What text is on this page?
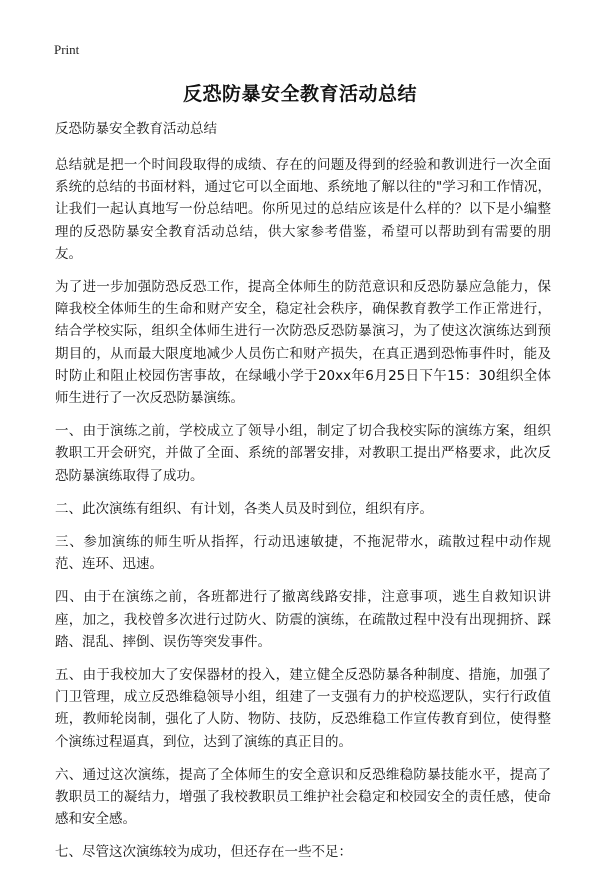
Print
反恐防暴安全教育活动总结

反恐防暴安全教育活动总结

总结就是把一个时间段取得的成绩、存在的问题及得到的经验和教训进行一次全面系统的总结的书面材料，通过它可以全面地、系统地了解以往的"学习和工作情况，让我们一起认真地写一份总结吧。你所见过的总结应该是什么样的？以下是小编整理的反恐防暴安全教育活动总结，供大家参考借鉴，希望可以帮助到有需要的朋友。

为了进一步加强防恐反恐工作，提高全体师生的防范意识和反恐防暴应急能力，保障我校全体师生的生命和财产安全，稳定社会秩序，确保教育教学工作正常进行，结合学校实际，组织全体师生进行一次防恐反恐防暴演习，为了使这次演练达到预期目的，从而最大限度地减少人员伤亡和财产损失，在真正遇到恐怖事件时，能及时防止和阻止校园伤害事故，在绿峨小学于20xx年6月25日下午15：30组织全体师生进行了一次反恐防暴演练。

一、由于演练之前，学校成立了领导小组，制定了切合我校实际的演练方案，组织教职工开会研究，并做了全面、系统的部署安排，对教职工提出严格要求，此次反恐防暴演练取得了成功。

二、此次演练有组织、有计划，各类人员及时到位，组织有序。

三、参加演练的师生听从指挥，行动迅速敏捷，不拖泥带水，疏散过程中动作规范、连环、迅速。

四、由于在演练之前，各班都进行了撤离线路安排，注意事项，逃生自救知识讲座，加之，我校曾多次进行过防火、防震的演练，在疏散过程中没有出现拥挤、踩踏、混乱、摔倒、误伤等突发事件。

五、由于我校加大了安保器材的投入，建立健全反恐防暴各种制度、措施，加强了门卫管理，成立反恐维稳领导小组，组建了一支强有力的护校巡逻队，实行行政值班，教师轮岗制，强化了人防、物防、技防，反恐维稳工作宣传教育到位，使得整个演练过程逼真，到位，达到了演练的真正目的。

六、通过这次演练，提高了全体师生的安全意识和反恐维稳防暴技能水平，提高了教职员工的凝结力，增强了我校教职员工维护社会稳定和校园安全的责任感，使命感和安全感。

七、尽管这次演练较为成功，但还存在一些不足：
